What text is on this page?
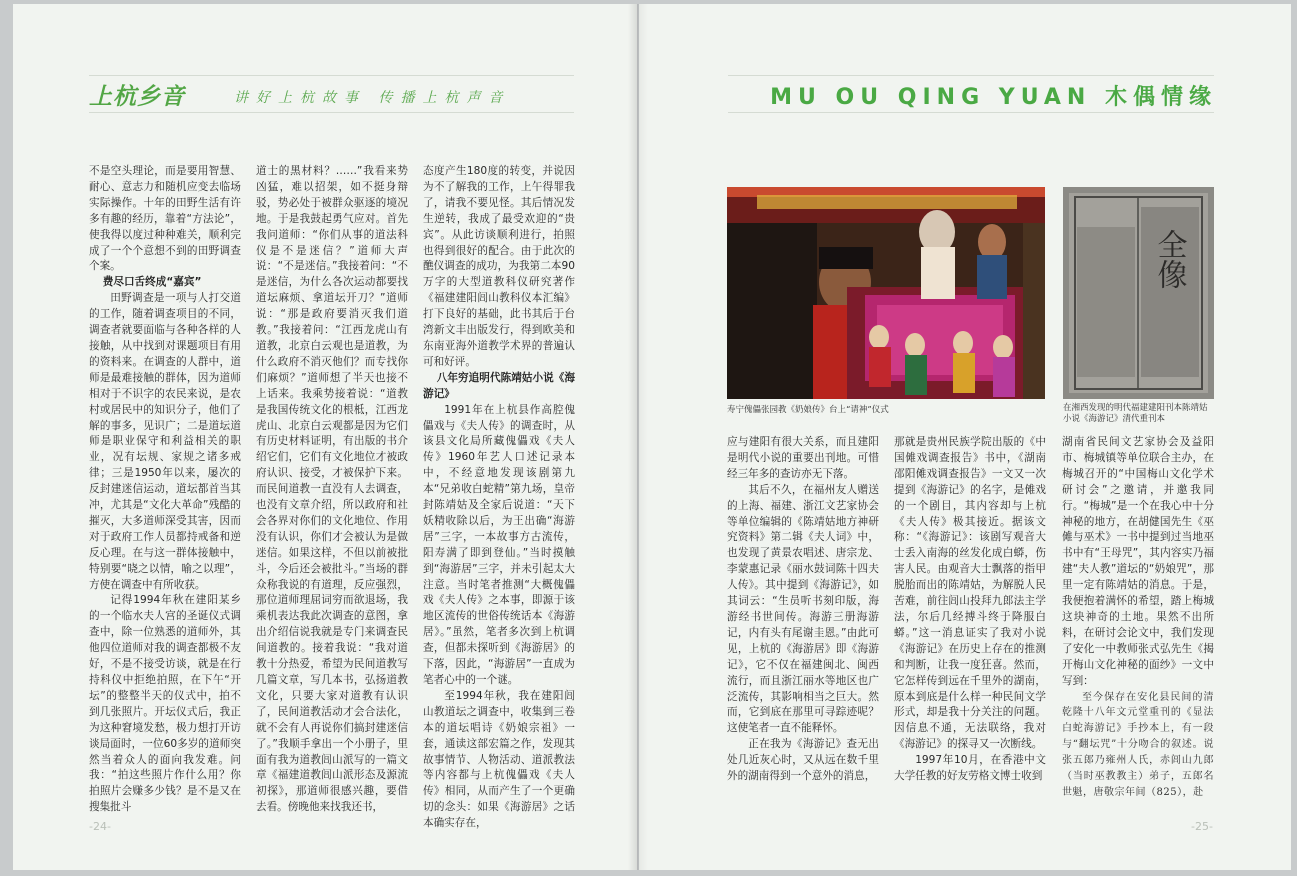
上杭乡音	讲好上杭故事 传播上杭声音	MU OU QING YUAN 木偶情缘

不是空头理论，而是要用智慧、耐心、意志力和随机应变去临场实际操作。十年的田野生活有许多有趣的经历，靠着“方法论”，使我得以度过种种难关，顺利完成了一个个意想不到的田野调查个案。

费尽口舌终成“嘉宾”

田野调查是一项与人打交道的工作，随着调查项目的不同，调查者就要面临与各种各样的人接触，从中找到对课题项目有用的资料来。在调查的人群中，道师是最难接触的群体，因为道师相对于不识字的农民来说，是农村或居民中的知识分子，他们了解的事多，见识广；二是道坛道师是职业保守和利益相关的职业，况有坛规、家规之诸多戒律；三是1950年以来，屡次的反封建迷信运动，道坛都首当其冲，尤其是“文化大革命”残酷的摧灭，大多道师深受其害，因而对于政府工作人员都持戒备和逆反心理。在与这一群体接触中，特别要“晓之以情，喻之以理”，方使在调查中有所收获。

记得1994年秋在建阳某乡的一个临水夫人宫的圣诞仪式调查中，除一位熟悉的道师外，其他四位道师对我的调查都极不友好，不是不接受访谈，就是在行持科仪中拒绝拍照，在下午“开坛”的整整半天的仪式中，拍不到几张照片。开坛仪式后，我正为这种窘境发愁，极力想打开访谈局面时，一位60多岁的道师突然当着众人的面向我发难。问我：“拍这些照片作什么用？你拍照片会赚多少钱？是不是又在搜集批斗

道士的黑材料？……”我看来势凶猛，难以招架，如不挺身辩驳，势必处于被群众驱逐的境况地。于是我鼓起勇气应对。首先我问道师：“你们从事的道法科仪是不是迷信？”道师大声说：“不是迷信。”我接着问：“不是迷信，为什么各次运动都要找道坛麻烦、拿道坛开刀？”道师说：“那是政府要消灭我们道教。”我接着问：“江西龙虎山有道教，北京白云观也是道教，为什么政府不消灭他们？而专找你们麻烦？”道师想了半天也接不上话来。我乘势接着说：“道教是我国传统文化的根柢，江西龙虎山、北京白云观都是因为它们有历史材料证明，有出版的书介绍它们，它们有文化地位才被政府认识、接受，才被保护下来。而民间道教一直没有人去调查，也没有文章介绍，所以政府和社会各界对你们的文化地位、作用没有认识，你们才会被认为是做迷信。如果这样，不但以前被批斗，今后还会被批斗。”当场的群众称我说的有道理，反应强烈，那位道师理屈词穷而欲退场，我乘机表达我此次调查的意图，拿出介绍信说我就是专门来调查民间道教的。接着我说：“我对道教十分热爱，希望为民间道教写几篇文章，写几本书，弘扬道教文化，只要大家对道教有认识了，民间道教活动才会合法化，就不会有人再说你们搞封建迷信了。”我顺手拿出一个小册子，里面有我为道教闾山派写的一篇文章《福建道教闾山派形态及源流初探》，那道师很感兴趣，要借去看。傍晚他来找我还书，

态度产生180度的转变，并说因为不了解我的工作，上午得罪我了，请我不要见怪。其后情况发生逆转，我成了最受欢迎的“贵宾”。从此访谈顺利进行，拍照也得到很好的配合。由于此次的醮仪调查的成功，为我第二本90万字的大型道教科仪研究著作《福建建阳闾山教科仪本汇编》打下良好的基础，此书其后于台湾新文丰出版发行，得到欧美和东南亚海外道教学术界的普遍认可和好评。

八年穷追明代陈靖姑小说《海游记》

1991年在上杭县作高腔傀儡戏与《夫人传》的调查时，从该县文化局所藏傀儡戏《夫人传》1960年艺人口述记录本中，不经意地发现该剧第九本“兄弟收白蛇精”第九场，皇帝封陈靖姑及全家后说道：“天下妖精收除以后，为王出确“海游居”三字，一本故事方古流传，阳寿满了即到登仙。”当时摸触到“海游居”三字，并未引起太大注意。当时笔者推测“大概傀儡戏《夫人传》之本事，即源于该地区流传的世俗传统话本《海游居》。”虽然，笔者多次到上杭调查，但都未探听到《海游居》的下落，因此，“海游居”一直成为笔者心中的一个谜。

至1994年秋，我在建阳闾山教道坛之调查中，收集到三卷本的道坛唱诗《奶娘宗祖》一套，通读这部宏篇之作，发现其故事情节、人物活动、道派教法等内容都与上杭傀儡戏《夫人传》相同，从而产生了一个更确切的念头：如果《海游居》之话本确实存在，

-24-
寿宁傀儡张园教《奶娘传》台上“请神”仪式
全像
在湘西发现的明代福建建阳刊本陈靖姑小说《海游记》清代重刊本

应与建阳有很大关系，而且建阳是明代小说的重要出刊地。可惜经三年多的查访亦无下落。

其后不久，在福州友人赠送的上海、福建、浙江文艺家协会等单位编辑的《陈靖姑地方神研究资料》第二辑《夫人词》中，也发现了黄景农唱述、唐宗龙、李蒙惠记录《丽水鼓词陈十四夫人传》。其中提到《海游记》，如其词云：“生员听书刻印版，海游经书世间传。海游三册海游记，内有头有尾谢圭恩。”由此可见，上杭的《海游居》即《海游记》，它不仅在福建闽北、闽西流行，而且浙江丽水等地区也广泛流传，其影响相当之巨大。然而，它到底在那里可寻踪迹呢？这使笔者一直不能释怀。

正在我为《海游记》查无出处几近灰心时，又从远在数千里外的湖南得到一个意外的消息，

那就是贵州民族学院出版的《中国傩戏调查报告》书中，《湖南邵阳傩戏调查报告》一文又一次提到《海游记》的名字，是傩戏的一个剧目，其内容却与上杭《夫人传》极其接近。据该文称：“《海游记》：该剧写观音大士丢入南海的丝发化成白蟒，伤害人民。由观音大士飘落的指甲脱胎而出的陈靖姑，为解脱人民苦难，前往闾山投拜九郎法主学法，尔后几经搏斗终于降服白蟒。”这一消息证实了我对小说《海游记》在历史上存在的推测和判断，让我一度狂喜。然而，它怎样传到远在千里外的湖南，原本到底是什么样一种民间文学形式，却是我十分关注的问题。因信息不通，无法联络，我对《海游记》的探寻又一次断线。

1997年10月，在香港中文大学任教的好友劳格文博士收到

湖南省民间文艺家协会及益阳市、梅城镇等单位联合主办，在梅城召开的“中国梅山文化学术研讨会”之邀请，并邀我同行。“梅城”是一个在我心中十分神秘的地方，在胡健国先生《巫傩与巫术》一书中提到过当地巫书中有“王母咒”，其内容实乃福建“夫人教”道坛的“奶娘咒”，那里一定有陈靖姑的消息。于是，我便抱着满怀的希望，踏上梅城这块神奇的土地。果然不出所料，在研讨会论文中，我们发现了安化一中教师张式弘先生《揭开梅山文化神秘的面纱》一文中写到：

至今保存在安化县民间的清乾隆十八年文元堂重刊的《显法白蛇海游记》手抄本上，有一段与“翻坛咒”十分吻合的叙述。说张五郎乃雍州人氏，赤闾山九郎（当时巫教教主）弟子，五郎名世魁，唐敬宗年间（825），赴

-25-
